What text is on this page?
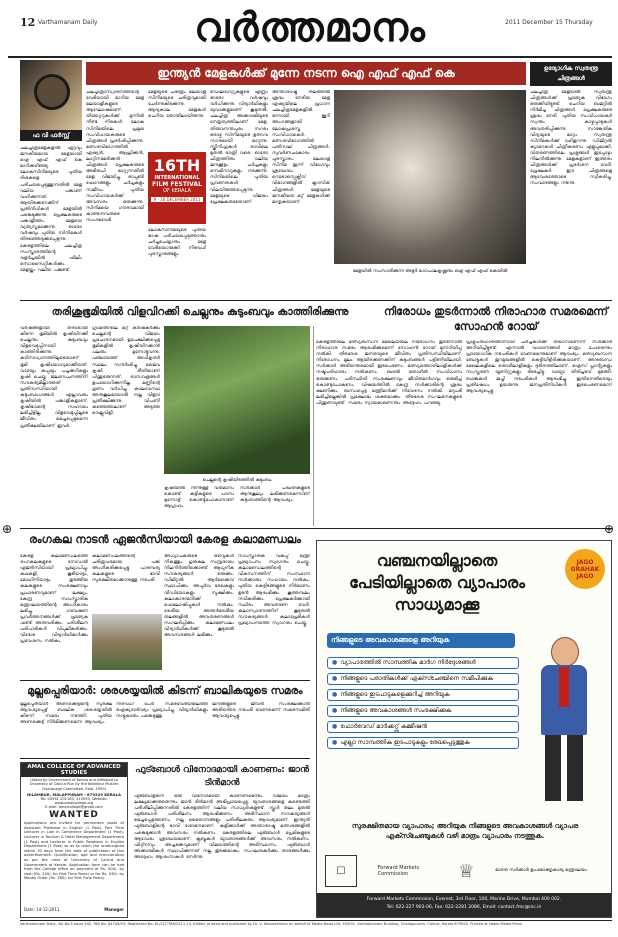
12 Varthamanam Daily	വർത്തമാനം	2011 December 15 Thursday
ഫ വി ഫർസ്സ്
ഇന്ത്യൻ മേളകൾക്ക് മുന്നേ നടന്ന ഐ എഫ് എഫ് കെ	ഉദ്യോഗിക സ്വതന്ത്ര ചിത്രങ്ങൾ
ചലച്ചിത്രമേളകളിൽ ഏറ്റവും ജനകീയമായ മേളയായി ഐ എഫ് എഫ് കെ മാറിക്കഴിഞ്ഞു. ലോകസിനിമയുടെ പുതിയ ദിശകളെ പരിചയപ്പെടുത്തുന്നതിൽ മേള വലിയ പങ്കാണ് വഹിക്കുന്നത്. ആയിരക്കണക്കിന് പ്രതിനിധികൾ മേളയിൽ പങ്കെടുക്കുന്നു. പ്രേക്ഷകരുടെ പങ്കാളിത്തം മേളയെ വ്യത്യസ്തമാക്കുന്നു. ഓരോ വർഷവും പുതിയ സിനിമകൾ തിരഞ്ഞെടുക്കപ്പെടുന്നു. കേരളത്തിലെ ചലച്ചിത്ര സംസ്കാരത്തിന്റെ വളർച്ചയിൽ ഫിലിം സൊസൈറ്റികൾക്കും മേളയ്ക്കും വലിയ പങ്കുണ്ട്.
ചലച്ചിത്രാസ്വാദനത്തിന്റെ വേദിയായി മാറിയ മേള മലയാളികളുടെ ആഘോഷമാണ്. തിയേറ്ററുകൾക്ക് മുന്നിൽ നീണ്ട നിരകൾ. ലോക സിനിമയിലെ പ്രമുഖ സംവിധായകരുടെ ചിത്രങ്ങൾ പ്രദർശിപ്പിക്കുന്നു. മത്സരവിഭാഗത്തിൽ ഏഷ്യൻ, ആഫ്രിക്കൻ, ലാറ്റിനമേരിക്കൻ ചിത്രങ്ങൾ. പ്രേക്ഷകരുടെ അഭിരുചി മാറ്റുന്നതിൽ മേള വിജയിച്ചു. ഓപ്പൺ ഫോറങ്ങളും ചർച്ചകളും സജീവം. പുതിയ സംവിധായകർക്ക് അവസരം ഒരുക്കുന്നു. സിനിമയെ ഗൗരവമായി കാണുന്നവരുടെ സംഗമവേദി.
16TH
INTERNATIONAL
FILM FESTIVAL
OF KERALA
9 - 16 DECEMBER 2011
മേളയുടെ ചരിത്രം മലയാള സിനിമയുടെ ചരിത്രവുമായി ചേർന്നുകിടക്കുന്നു. ആദ്യകാല മേളകൾ ചെറിയ തോതിലായിരുന്നു.
ലോകസിനിമയുടെ പുതിയ ഭാഷ പരിചയപ്പെടുത്താനും ചർച്ചചെയ്യാനും മേള വേദിയൊരുക്കി. നിരവധി പുരസ്കാരങ്ങളും.
ഡെലിഗേറ്റുകളുടെ എണ്ണം ഓരോ വർഷവും വർധിക്കുന്നു. വിദ്യാർഥികളും യുവാക്കളുമാണ് കൂടുതൽ. ചലച്ചിത്ര അക്കാദമിയുടെ നേതൃത്വത്തിലാണ് മേള. തിരുവനന്തപുരം നഗരം ഒരാഴ്ച സിനിമയുടെ ഉത്സവ നഗരമായി മാറുന്നു. സ്ക്രീനിംഗുകൾ രാവിലെ മുതൽ രാത്രി വരെ. ഓരോ ചിത്രത്തിനും വലിയ ജനക്കൂട്ടം. ചർച്ചകളും സെമിനാറുകളും നടക്കുന്നു. സിനിമയിലെ പുതിയ പ്രവണതകൾ വിലയിരുത്തപ്പെടുന്നു. മേളയുടെ വിജയം പ്രേക്ഷകരുടേതാണ്.
അന്താരാഷ്ട്ര തലത്തിൽ ശ്രദ്ധ നേടിയ മേള ഏഷ്യയിലെ പ്രധാന ചലച്ചിത്രമേളകളിൽ ഒന്നായി. ജൂറി അംഗങ്ങളായി ലോകപ്രശസ്ത സംവിധായകർ. മത്സരവിഭാഗത്തിൽ പതിനാല് ചിത്രങ്ങൾ. സുവർണചകോരം പുരസ്കാരം. മലയാള സിനിമ ഇന്ന് വിഭാഗവും ശ്രദ്ധേയം. റെട്രോസ്പെക്റ്റീവ് വിഭാഗങ്ങളിൽ ക്ലാസിക് ചിത്രങ്ങൾ. മേളയുടെ ജനകീയത മറ്റ് മേളകൾക്ക് മാതൃകയാണ്.
മേളയിൽ സംസാരിക്കുന്ന അടൂർ ഗോപാലകൃഷ്ണനും ഐ എഫ് എഫ് കെയിൽ
ചലച്ചിത്ര മേളയിൽ സ്വതന്ത്ര ചിത്രങ്ങൾക്ക് പ്രത്യേക വിഭാഗം ഒരുക്കിയിട്ടുണ്ട്. ചെറിയ ബജറ്റിൽ നിർമിച്ച ചിത്രങ്ങൾ പ്രേക്ഷകരുടെ ശ്രദ്ധ നേടി. പുതിയ സംവിധായകർ സ്വന്തം കാഴ്ചപ്പാടുകൾ അവതരിപ്പിക്കുന്നു. സാങ്കേതിക വിദ്യയുടെ മാറ്റം സ്വതന്ത്ര സിനിമകൾക്ക് വഴിതുറന്നു. ഡിജിറ്റൽ ക്യാമറകൾ ചിത്രീകരണം എളുപ്പമാക്കി. വിതരണത്തിലെ പ്രശ്നങ്ങൾ ഇപ്പോഴും നിലനിൽക്കുന്നു. മേളകളാണ് ഇത്തരം ചിത്രങ്ങൾക്ക് പ്രദർശന വേദി. പ്രേക്ഷകർ ഈ ചിത്രങ്ങളെ ആവേശത്തോടെ സ്വീകരിച്ചു. സംവാദങ്ങളും നടന്നു.
തരിശുഭൂമിയിൽ വിളവിറക്കി ചെല്ലനും കുടുംബവും കാത്തിരിക്കുന്നു
വർഷങ്ങളായി തരിശായി കിടന്ന ഭൂമിയിൽ കൃഷിയിറക്കി ചെല്ലനും കുടുംബവും വിളവെടുപ്പിനായി കാത്തിരിക്കുന്നു. കഠിനാധ്വാനത്തിലൂടെയാണ് ഭൂമി കൃഷിയോഗ്യമാക്കിയത്. വാഴയും കപ്പയും പച്ചക്കറികളും കൃഷി ചെയ്തു. ജലസേചനത്തിന് സൗകര്യമില്ലാത്തത് പ്രതിസന്ധിയായി. കുടുംബാംഗങ്ങൾ എല്ലാവരും കൃഷിയിൽ പങ്കാളികളാണ്. കൃഷിഭവന്റെ സഹായം ലഭിച്ചിട്ടില്ല. വിളവെടുപ്പിലൂടെ ജീവിതം മെച്ചപ്പെടുമെന്ന പ്രതീക്ഷയിലാണ് ഇവർ.
ഗ്രാമത്തിലെ മറ്റ് കർഷകർക്കും ചെല്ലന്റെ വിജയം പ്രചോദനമായി. ഉപേക്ഷിക്കപ്പെട്ട ഭൂമികളിൽ കൃഷിയിറക്കാൻ പലരും മുന്നോട്ടുവന്നു. പഞ്ചായത്ത് അധികൃതർ സ്ഥലം സന്ദർശിച്ചു. ജൈവ കൃഷി രീതിയാണ് പിന്തുടരുന്നത്. രാസവളങ്ങൾ ഉപയോഗിക്കുന്നില്ല. മണ്ണിന്റെ ഗുണം വർധിച്ചു. കാലാവസ്ഥ അനുകൂലമായാൽ നല്ല വിളവ് പ്രതീക്ഷിക്കുന്നു. വിപണി കണ്ടെത്തലാണ് അടുത്ത വെല്ലുവിളി.
ചെല്ലന്റെ കൃഷിയിടത്തിൽ കുടുംബം
കൃഷിയിൽ നിന്നുള്ള വരുമാനം കൊണ്ട് കുട്ടികളുടെ പഠനം മുന്നോട്ട് കൊണ്ടുപോകാനാണ് ആഗ്രഹം.
സർക്കാർ പദ്ധതികളുടെ ആനുകൂല്യം ലഭിക്കണമെന്നാണ് കുടുംബത്തിന്റെ ആവശ്യം.
നിരോധം തുടർന്നാൽ നിരാഹാര സമരമെന്ന് സോഹൻ റോയ്
കേരളത്തിലെ മത്സ്യബന്ധന മേഖലയിലെ നിരോധനം തുടർന്നാൽ നിരാഹാര സമരം ആരംഭിക്കുമെന്ന് സോഹൻ റോയ് മുന്നറിയിപ്പ് നൽകി. തീരദേശ ജനതയുടെ ജീവിതം പ്രതിസന്ധിയിലാണ്. നിരോധനം മൂലം ആയിരക്കണക്കിന് കുടുംബങ്ങൾ പട്ടിണിയിലായി. സർക്കാർ അടിയന്തരമായി ഇടപെടണം. മത്സ്യത്തൊഴിലാളികൾക്ക് നഷ്ടപരിഹാരം നൽകണം. ബദൽ തൊഴിൽ സംവിധാനം ഒരുക്കണം. പരിസ്ഥിതി സംരക്ഷണവും ജീവിതമാർഗവും ഒരുമിച്ച് കൊണ്ടുപോകണം. വിഷയത്തിൽ കേന്ദ്ര സർക്കാരിന്റെ ശ്രദ്ധ ക്ഷണിക്കും. ബന്ധപ്പെട്ട മന്ത്രിമാർക്ക് നിവേദനം നൽകി. മറുപടി ലഭിച്ചില്ലെങ്കിൽ പ്രക്ഷോഭം ശക്തമാക്കും. തീരദേശ സംഘടനകളുടെ പിന്തുണയുണ്ട്. സമരം ന്യായമാണെന്നും അദ്ദേഹം പറഞ്ഞു.
പ്രശ്നപരിഹാരത്തിനായി ചർച്ചകൾക്ക് തയാറാണെന്ന് സർക്കാർ അറിയിച്ചിട്ടുണ്ട്. എന്നാൽ വാഗ്ദാനങ്ങൾ മാത്രം പോരെന്നും പ്രായോഗിക നടപടികൾ വേണമെന്നുമാണ് ആവശ്യം. മത്സ്യബന്ധന ബോട്ടുകൾ തുറമുഖങ്ങളിൽ കെട്ടിയിട്ടിരിക്കുകയാണ്. അനുബന്ധ മേഖലകളിലെ തൊഴിലാളികളും ദുരിതത്തിലാണ്. ഐസ് പ്ലാന്റുകളും സംസ്കരണ യൂണിറ്റുകളും അടച്ചിട്ടു. വായ്പാ തിരിച്ചടവ് മുടങ്ങി. ബാങ്കുകൾ ജപ്തി നടപടികൾ ആരംഭിച്ചു. ഇതിനെതിരെയും പ്രതിഷേധം ഉയരുന്നു. ജനപ്രതിനിധികൾ ഇടപെടണമെന്ന് ആവശ്യപ്പെട്ടു.
⊕	⊕
രംഗകല നാടൻ ഏജൻസിയായി കേരള കലാമണ്ഡലം
കേരള കലാമണ്ഡലത്തെ രംഗകലകളുടെ നോഡൽ ഏജൻസിയായി പ്രഖ്യാപിച്ചു. കഥകളി, കൂടിയാട്ടം, മോഹിനിയാട്ടം തുടങ്ങിയ കലകളുടെ സംരക്ഷണവും പ്രചാരണവുമാണ് ലക്ഷ്യം. കേന്ദ്ര സാംസ്കാരിക മന്ത്രാലയത്തിന്റെ അംഗീകാരം ലഭിച്ചു. ഗവേഷണ പ്രവർത്തനങ്ങൾക്ക് പ്രത്യേക ഫണ്ട് അനുവദിക്കും. പരിശീലന പരിപാടികൾ വിപുലീകരിക്കും. വിദേശ വിദ്യാർഥികൾക്കും പ്രവേശനം നൽകും.
കലാമണ്ഡലത്തിന്റെ ചരിത്രപരമായ പങ്ക് അംഗീകരിക്കപ്പെട്ടു. പാരമ്പര്യ കലകളുടെ ഭാവി സുരക്ഷിതമാക്കാനുള്ള നടപടി.
അധ്യാപകരുടെ ഒഴിവുകൾ നികത്തും. ഗുരുകുല സമ്പ്രദായം നിലനിർത്തിക്കൊണ്ട് ആധുനിക സൗകര്യങ്ങൾ ഒരുക്കും. ഡിജിറ്റൽ ആർക്കൈവ് സ്ഥാപിക്കും. അപൂർവ രേഖകളും വീഡിയോകളും സൂക്ഷിക്കും. കലാകാരന്മാർക്ക് ഫെലോഷിപ്പുകൾ നൽകും. ദേശീയ അന്തർദേശീയ തലങ്ങളിൽ അവതരണങ്ങൾ സംഘടിപ്പിക്കും. കലാമണ്ഡലം വിദ്യാർഥികൾക്ക് കൂടുതൽ അവസരങ്ങൾ ലഭിക്കും.
സാംസ്കാരിക വകുപ്പ് മന്ത്രി പ്രഖ്യാപനം സ്വാഗതം ചെയ്തു. കലാമണ്ഡലത്തിന്റെ വികസനത്തിന് സംസ്ഥാന സർക്കാരും സഹായം നൽകും. പുതിയ കെട്ടിടങ്ങളുടെ നിർമാണം ഉടൻ ആരംഭിക്കും. കൂത്തമ്പലം നവീകരിക്കും. പ്രേക്ഷകർക്കായി സ്ഥിരം അവതരണ വേദി. കലാസ്വാദനത്തിന് കൂടുതൽ സൗകര്യങ്ങൾ. കലാപ്രേമികൾ പ്രഖ്യാപനത്തെ സ്വാഗതം ചെയ്തു.
മുല്ലപ്പെരിയാർ: ശരശയ്യയിൽ കിടന്ന് ബാലികയുടെ സമരം
മുല്ലപ്പെരിയാർ അണക്കെട്ടിന്റെ സുരക്ഷ ആവശ്യപ്പെട്ട് ബാലിക ശരശയ്യയിൽ കിടന്ന് സമരം നടത്തി. പുതിയ അണക്കെട്ട് നിർമിക്കണമെന്ന ആവശ്യം.
നിരവധി പേർ സമരവേദിയിലെത്തി ഐക്യദാർഢ്യം പ്രഖ്യാപിച്ചു. വിദ്യാർഥികളും നാട്ടുകാരും പങ്കെടുത്തു.
ജനങ്ങളുടെ ജീവൻ സംരക്ഷിക്കാൻ അടിയന്തര നടപടി വേണമെന്ന് സമരസമിതി ആവശ്യപ്പെട്ടു.
AMAL COLLEGE OF ADVANCED STUDIES
(Aided by Government of Kerala and Affiliated to University of Calicut Run by the Nilambur Muslim Orphanage Committee, Estd. 1959)
NILAMBUR, MALAPPURAM - 679329 KERALA
Tel: 04931 201163, 215093, Website: www.amalcollege.org
E-mail: amalcollege@gmail.com
WANTED
Applications are invited for permanent posts of Assistant Professor in English (1 Post), Part Time Lecturer in Law in Commerce Department (1 Post), Lecturer in Tourism & Hotel Management Department (1 Post) and Lecturer in Public Relations in English Department (1 Post) so as to reach the undersigned within 30 days from the date of publication of this advertisement. Qualification, age and remuneration as per the rules of University of Calicut and Government of Kerala. Application form can be had from the College office on payment of Rs. 500/- by cash (Rs. 250/- for Part Time Posts) or for Rs. 530/- by Money Order (Rs. 265/- for Part Time Posts).
Date: 14-12-2011	Manager
ഫുട്ബോൾ വിനോദമായി കാണണം: ജാൻ ടിൻമാൻ
ഫുട്ബോളിനെ ഒരു വിനോദമായി കാണണമെന്നും വിജയം മാത്രം ലക്ഷ്യമാക്കരുതെന്നും ജാൻ ടിൻമാൻ അഭിപ്രായപ്പെട്ടു. യുവതാരങ്ങളെ കണ്ടെത്തി പരിശീലിപ്പിക്കുന്നതിൽ കേരളത്തിന് വലിയ സാധ്യതകളുണ്ട്. സ്കൂൾ തലം മുതൽ ഫുട്ബോൾ പരിശീലനം ആരംഭിക്കണം. അടിസ്ഥാന സൗകര്യങ്ങൾ മെച്ചപ്പെടുത്തണം. നല്ല മൈതാനങ്ങളും പരിശീലകരും ആവശ്യമാണ്. ഇന്ത്യൻ ഫുട്ബോളിന്റെ ഭാവി ശോഭനമാണ്. കളിക്കാർക്ക് അന്താരാഷ്ട്ര മത്സരങ്ങളിൽ പങ്കെടുക്കാൻ അവസരം നൽകണം. കേരളത്തിലെ ഫുട്ബോൾ പ്രേമികളുടെ ആവേശം ശ്രദ്ധേയമാണ്. ക്ലബ്ബുകൾ യുവതാരങ്ങൾക്ക് അവസരം നൽകണം. ഫിറ്റ്നസും അച്ചടക്കവുമാണ് വിജയത്തിന്റെ അടിസ്ഥാനം. ഫുട്ബോൾ അക്കാദമികൾ സ്ഥാപിക്കുന്നത് നല്ല തുടക്കമാകും. സംഘാടകർക്കും താരങ്ങൾക്കും അദ്ദേഹം ആശംസകൾ നേർന്നു.
വഞ്ചനയില്ലാതെ
പേടിയില്ലാതെ വ്യാപാരം
സാധ്യമാക്കൂ
JAGO GRAHAK JAGO
നിങ്ങളുടെ അവകാശങ്ങളെ അറിയുക
● വ്യാപാരത്തിൽ സാമ്പത്തിക മാർഗ നിർദ്ദേശങ്ങൾ
● നിങ്ങളുടെ പരാതികൾക്ക് എക്സ്ചേഞ്ചിനെ സമീപിക്കുക
● നിങ്ങളുടെ ഇടപാടുകളെക്കുറിച്ച് അറിയുക
● നിങ്ങളുടെ അവകാശങ്ങൾ സംരക്ഷിക്കുക
● ഫോർവേഡ് മാർക്കറ്റ്സ് കമ്മീഷൻ
● എല്ലാ സാമ്പത്തിക ഇടപാടുകളും രേഖപ്പെടുത്തുക
സുരക്ഷിതമായ വ്യാപാരം; അറിയുക നിങ്ങളുടെ അവകാശങ്ങൾ വ്യാപര എക്സ്ചേഞ്ചുകൾ വഴി മാത്രം വ്യാപാരം നടത്തുക.
☐	Forward Markets Commission	♕	ഭാരത സർക്കാർ ഉപഭോക്തൃകാര്യ മന്ത്രാലയം
Forward Markets Commission, Everest, 3rd Floor, 100, Marine Drive, Mumbai 400 002.
Tel: 022-227 903-06, Fax: 022-2281 2086, Email: contact.fmc@nic.in
Varthamanam Daily, Vol No.5 Issue 342, RNI No. 84708/03, Registered No. KL/CLT/788/2011-13, Edited, printed and published by Dr. V. Abdurahiman on behalf of Media News Ltd, 59/001, Varthamanam Building, Chalappuram, Calicut, Kerala 673002, Printed at Noble Media Press.
